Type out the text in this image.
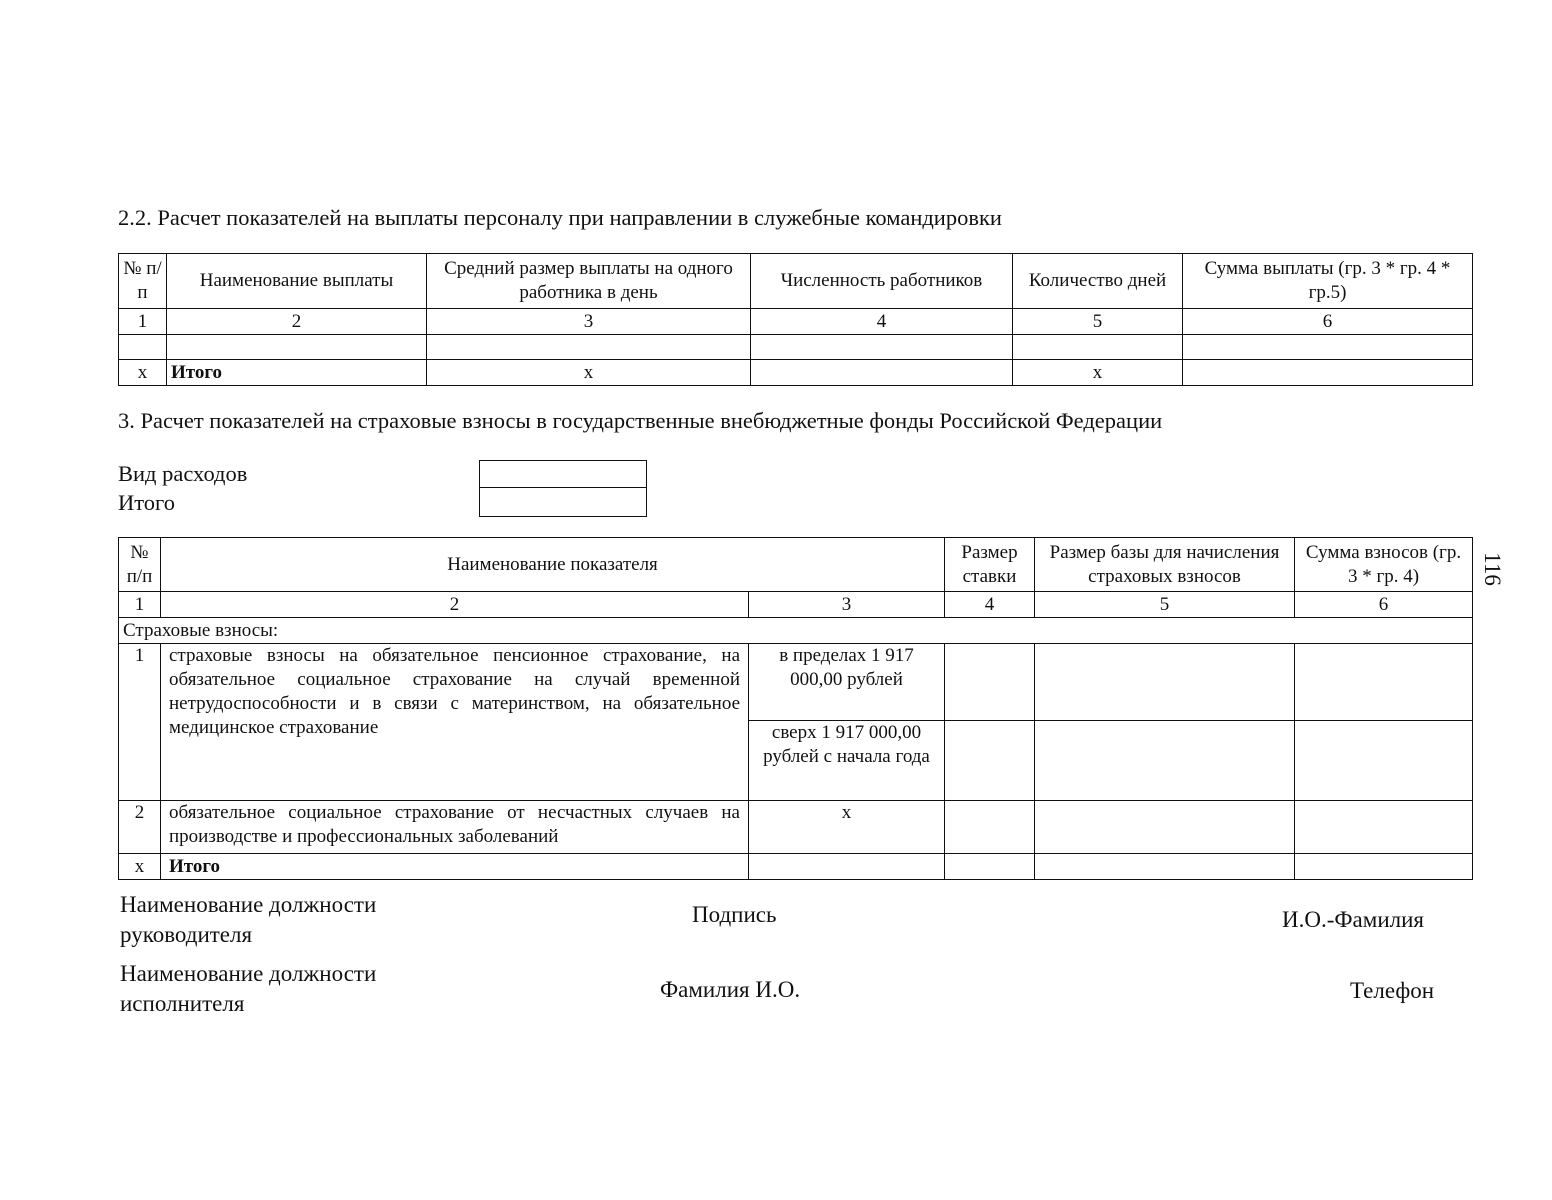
2.2. Расчет показателей на выплаты персоналу при направлении в служебные командировки
№ п/п	Наименование выплаты	Средний размер выплаты на одного работника в день	Численность работников	Количество дней	Сумма выплаты (гр. 3 * гр. 4 * гр.5)
1	2	3	4	5	6

x	Итого	x		x	
3. Расчет показателей на страховые взносы в государственные внебюджетные фонды Российской Федерации
Вид расходов
Итого

№ п/п	Наименование показателя		Размер ставки	Размер базы для начисления страховых взносов	Сумма взносов (гр. 3 * гр. 4)
1	2	3	4	5	6
Страховые взносы:					
1	страховые взносы на обязательное пенсионное страхование, на обязательное социальное страхование на случай временной нетрудоспособности и в связи с материнством, на обязательное медицинское страхование	в пределах 1 917 000,00 рублей			
		сверх 1 917 000,00 рублей с начала года			
2	обязательное социальное страхование от несчастных случаев на производстве и профессиональных заболеваний	x			
x	Итого				
116
Наименование должности руководителя
Подпись	И.О.-Фамилия
Наименование должности исполнителя
Фамилия И.О.	Телефон
